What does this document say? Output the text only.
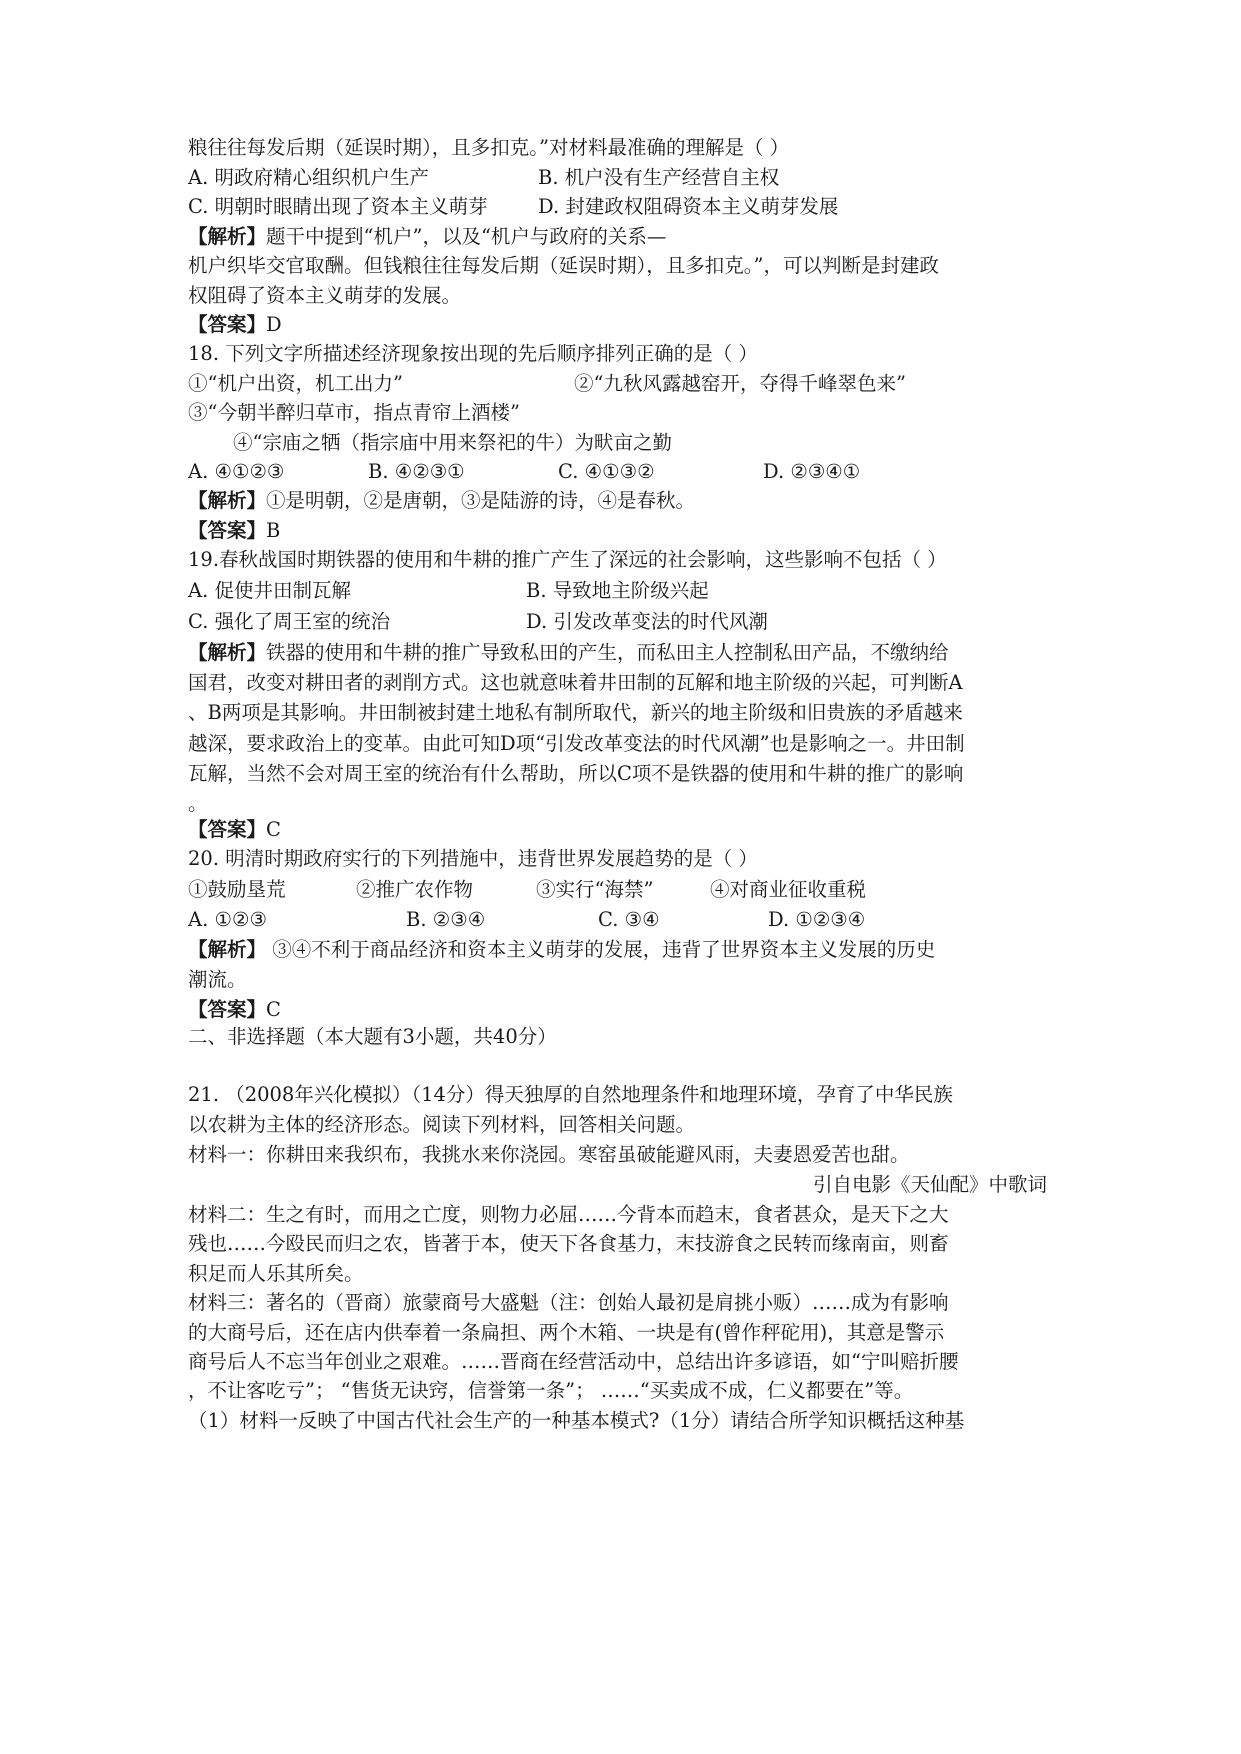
粮往往每发后期（延误时期），且多扣克。”对材料最准确的理解是（ ）
A. 明政府精心组织机户生产	B. 机户没有生产经营自主权
C. 明朝时眼睛出现了资本主义萌芽	D. 封建政权阻碍资本主义萌芽发展
【解析】题干中提到“机户”，以及“机户与政府的关系—
机户织毕交官取酬。但钱粮往往每发后期（延误时期），且多扣克。”，可以判断是封建政
权阻碍了资本主义萌芽的发展。
【答案】D
18. 下列文字所描述经济现象按出现的先后顺序排列正确的是（ ）
①“机户出资，机工出力”	②“九秋风露越窑开，夺得千峰翠色来”
③“今朝半醉归草市，指点青帘上酒楼”
④“宗庙之牺（指宗庙中用来祭祀的牛）为畎亩之勤
A. ④①②③	B. ④②③①	C. ④①③②	D. ②③④①
【解析】①是明朝，②是唐朝，③是陆游的诗，④是春秋。
【答案】B
19.春秋战国时期铁器的使用和牛耕的推广产生了深远的社会影响，这些影响不包括（ ）
A. 促使井田制瓦解	B. 导致地主阶级兴起
C. 强化了周王室的统治	D. 引发改革变法的时代风潮
【解析】铁器的使用和牛耕的推广导致私田的产生，而私田主人控制私田产品，不缴纳给
国君，改变对耕田者的剥削方式。这也就意味着井田制的瓦解和地主阶级的兴起，可判断A
、B两项是其影响。井田制被封建土地私有制所取代，新兴的地主阶级和旧贵族的矛盾越来
越深，要求政治上的变革。由此可知D项“引发改革变法的时代风潮”也是影响之一。井田制
瓦解，当然不会对周王室的统治有什么帮助，所以C项不是铁器的使用和牛耕的推广的影响
。
【答案】C
20. 明清时期政府实行的下列措施中，违背世界发展趋势的是（ ）
①鼓励垦荒	②推广农作物	③实行“海禁”	④对商业征收重税
A. ①②③	B. ②③④	C. ③④	D. ①②③④
【解析】 ③④不利于商品经济和资本主义萌芽的发展，违背了世界资本主义发展的历史
潮流。
【答案】C
二、非选择题（本大题有3小题，共40分）
21. （2008年兴化模拟）（14分）得天独厚的自然地理条件和地理环境，孕育了中华民族
以农耕为主体的经济形态。阅读下列材料，回答相关问题。
材料一：你耕田来我织布，我挑水来你浇园。寒窑虽破能避风雨，夫妻恩爱苦也甜。
引自电影《天仙配》中歌词
材料二：生之有时，而用之亡度，则物力必屈……今背本而趋末，食者甚众，是天下之大
残也……今殴民而归之农，皆著于本，使天下各食基力，末技游食之民转而缘南亩，则畜
积足而人乐其所矣。
材料三：著名的（晋商）旅蒙商号大盛魁（注：创始人最初是肩挑小贩）……成为有影响
的大商号后，还在店内供奉着一条扁担、两个木箱、一块是有(曾作秤砣用)，其意是警示
商号后人不忘当年创业之艰难。……晋商在经营活动中，总结出许多谚语，如“宁叫赔折腰
，不让客吃亏”； “售货无诀窍，信誉第一条”； ……“买卖成不成，仁义都要在”等。
（1）材料一反映了中国古代社会生产的一种基本模式?（1分）请结合所学知识概括这种基
